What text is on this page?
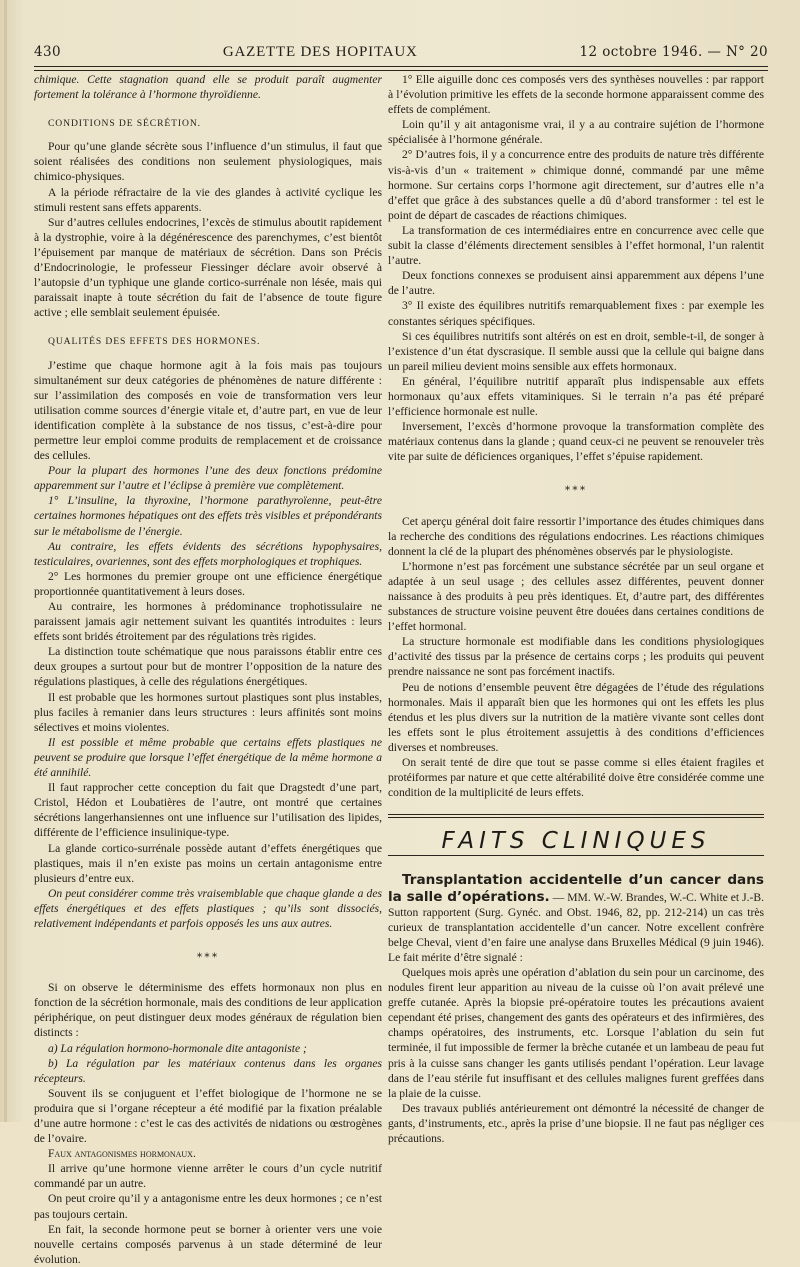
430	GAZETTE DES HOPITAUX	12 octobre 1946. — N° 20

chimique. Cette stagnation quand elle se produit paraît augmenter fortement la tolérance à l’hormone thyroïdienne.

CONDITIONS DE SÉCRÉTION.

Pour qu’une glande sécrète sous l’influence d’un stimulus, il faut que soient réalisées des conditions non seulement physiologiques, mais chimico-physiques.

A la période réfractaire de la vie des glandes à activité cyclique les stimuli restent sans effets apparents.

Sur d’autres cellules endocrines, l’excès de stimulus aboutit rapidement à la dystrophie, voire à la dégénérescence des parenchymes, c’est bientôt l’épuisement par manque de matériaux de sécrétion. Dans son Précis d’Endocrinologie, le professeur Fiessinger déclare avoir observé à l’autopsie d’un typhique une glande cortico-surrénale non lésée, mais qui paraissait inapte à toute sécrétion du fait de l’absence de toute figure active ; elle semblait seulement épuisée.

QUALITÉS DES EFFETS DES HORMONES.

J’estime que chaque hormone agit à la fois mais pas toujours simultanément sur deux catégories de phénomènes de nature différente : sur l’assimilation des composés en voie de transformation vers leur utilisation comme sources d’énergie vitale et, d’autre part, en vue de leur identification complète à la substance de nos tissus, c’est-à-dire pour permettre leur emploi comme produits de remplacement et de croissance des cellules.

Pour la plupart des hormones l’une des deux fonctions prédomine apparemment sur l’autre et l’éclipse à première vue complètement.

1° L’insuline, la thyroxine, l’hormone parathyroïenne, peut-être certaines hormones hépatiques ont des effets très visibles et prépondérants sur le métabolisme de l’énergie.

Au contraire, les effets évidents des sécrétions hypophysaires, testiculaires, ovariennes, sont des effets morphologiques et trophiques.

2° Les hormones du premier groupe ont une efficience énergétique proportionnée quantitativement à leurs doses.

Au contraire, les hormones à prédominance trophotissulaire ne paraissent jamais agir nettement suivant les quantités introduites : leurs effets sont bridés étroitement par des régulations très rigides.

La distinction toute schématique que nous paraissons établir entre ces deux groupes a surtout pour but de montrer l’opposition de la nature des régulations plastiques, à celle des régulations énergétiques.

Il est probable que les hormones surtout plastiques sont plus instables, plus faciles à remanier dans leurs structures : leurs affinités sont moins sélectives et moins violentes.

Il est possible et même probable que certains effets plastiques ne peuvent se produire que lorsque l’effet énergétique de la même hormone a été annihilé.

Il faut rapprocher cette conception du fait que Dragstedt d’une part, Cristol, Hédon et Loubatières de l’autre, ont montré que certaines sécrétions langerhansiennes ont une influence sur l’utilisation des lipides, différente de l’efficience insulinique-type.

La glande cortico-surrénale possède autant d’effets énergétiques que plastiques, mais il n’en existe pas moins un certain antagonisme entre plusieurs d’entre eux.

On peut considérer comme très vraisemblable que chaque glande a des effets énergétiques et des effets plastiques ; qu’ils sont dissociés, relativement indépendants et parfois opposés les uns aux autres.

⁎⁎⁎

Si on observe le déterminisme des effets hormonaux non plus en fonction de la sécrétion hormonale, mais des conditions de leur application périphérique, on peut distinguer deux modes généraux de régulation bien distincts :

a) La régulation hormono-hormonale dite antagoniste ;

b) La régulation par les matériaux contenus dans les organes récepteurs.

Souvent ils se conjuguent et l’effet biologique de l’hormone ne se produira que si l’organe récepteur a été modifié par la fixation préalable d’une autre hormone : c’est le cas des activités de nidations ou œstrogènes de l’ovaire.

Faux antagonismes hormonaux.

Il arrive qu’une hormone vienne arrêter le cours d’un cycle nutritif commandé par un autre.

On peut croire qu’il y a antagonisme entre les deux hormones ; ce n’est pas toujours certain.

En fait, la seconde hormone peut se borner à orienter vers une voie nouvelle certains composés parvenus à un stade déterminé de leur évolution.

1° Elle aiguille donc ces composés vers des synthèses nouvelles : par rapport à l’évolution primitive les effets de la seconde hormone apparaissent comme des effets de complément.

Loin qu’il y ait antagonisme vrai, il y a au contraire sujétion de l’hormone spécialisée à l’hormone générale.

2° D’autres fois, il y a concurrence entre des produits de nature très différente vis-à-vis d’un « traitement » chimique donné, commandé par une même hormone. Sur certains corps l’hormone agit directement, sur d’autres elle n’a d’effet que grâce à des substances quelle a dû d’abord transformer : tel est le point de départ de cascades de réactions chimiques.

La transformation de ces intermédiaires entre en concurrence avec celle que subit la classe d’éléments directement sensibles à l’effet hormonal, l’un ralentit l’autre.

Deux fonctions connexes se produisent ainsi apparemment aux dépens l’une de l’autre.

3° Il existe des équilibres nutritifs remarquablement fixes : par exemple les constantes sériques spécifiques.

Si ces équilibres nutritifs sont altérés on est en droit, semble-t-il, de songer à l’existence d’un état dyscrasique. Il semble aussi que la cellule qui baigne dans un pareil milieu devient moins sensible aux effets hormonaux.

En général, l’équilibre nutritif apparaît plus indispensable aux effets hormonaux qu’aux effets vitaminiques. Si le terrain n’a pas été préparé l’efficience hormonale est nulle.

Inversement, l’excès d’hormone provoque la transformation complète des matériaux contenus dans la glande ; quand ceux-ci ne peuvent se renouveler très vite par suite de déficiences organiques, l’effet s’épuise rapidement.

⁎⁎⁎

Cet aperçu général doit faire ressortir l’importance des études chimiques dans la recherche des conditions des régulations endocrines. Les réactions chimiques donnent la clé de la plupart des phénomènes observés par le physiologiste.

L’hormone n’est pas forcément une substance sécrétée par un seul organe et adaptée à un seul usage ; des cellules assez différentes, peuvent donner naissance à des produits à peu près identiques. Et, d’autre part, des différentes substances de structure voisine peuvent être douées dans certaines conditions de l’effet hormonal.

La structure hormonale est modifiable dans les conditions physiologiques d’activité des tissus par la présence de certains corps ; les produits qui peuvent prendre naissance ne sont pas forcément inactifs.

Peu de notions d’ensemble peuvent être dégagées de l’étude des régulations hormonales. Mais il apparaît bien que les hormones qui ont les effets les plus étendus et les plus divers sur la nutrition de la matière vivante sont celles dont les effets sont le plus étroitement assujettis à des conditions d’efficiences diverses et nombreuses.

On serait tenté de dire que tout se passe comme si elles étaient fragiles et protéiformes par nature et que cette altérabilité doive être considérée comme une condition de la multiplicité de leurs effets.

FAITS CLINIQUES

Transplantation accidentelle d’un cancer dans la salle d’opérations. — MM. W.-W. Brandes, W.-C. White et J.-B. Sutton rapportent (Surg. Gynéc. and Obst. 1946, 82, pp. 212-214) un cas très curieux de transplantation accidentelle d’un cancer. Notre excellent confrère belge Cheval, vient d’en faire une analyse dans Bruxelles Médical (9 juin 1946). Le fait mérite d’être signalé :

Quelques mois après une opération d’ablation du sein pour un carcinome, des nodules firent leur apparition au niveau de la cuisse où l’on avait prélevé une greffe cutanée. Après la biopsie pré-opératoire toutes les précautions avaient cependant été prises, changement des gants des opérateurs et des infirmières, des champs opératoires, des instruments, etc. Lorsque l’ablation du sein fut terminée, il fut impossible de fermer la brèche cutanée et un lambeau de peau fut pris à la cuisse sans changer les gants utilisés pendant l’opération. Leur lavage dans de l’eau stérile fut insuffisant et des cellules malignes furent greffées dans la plaie de la cuisse.

Des travaux publiés antérieurement ont démontré la nécessité de changer de gants, d’instruments, etc., après la prise d’une biopsie. Il ne faut pas négliger ces précautions.
